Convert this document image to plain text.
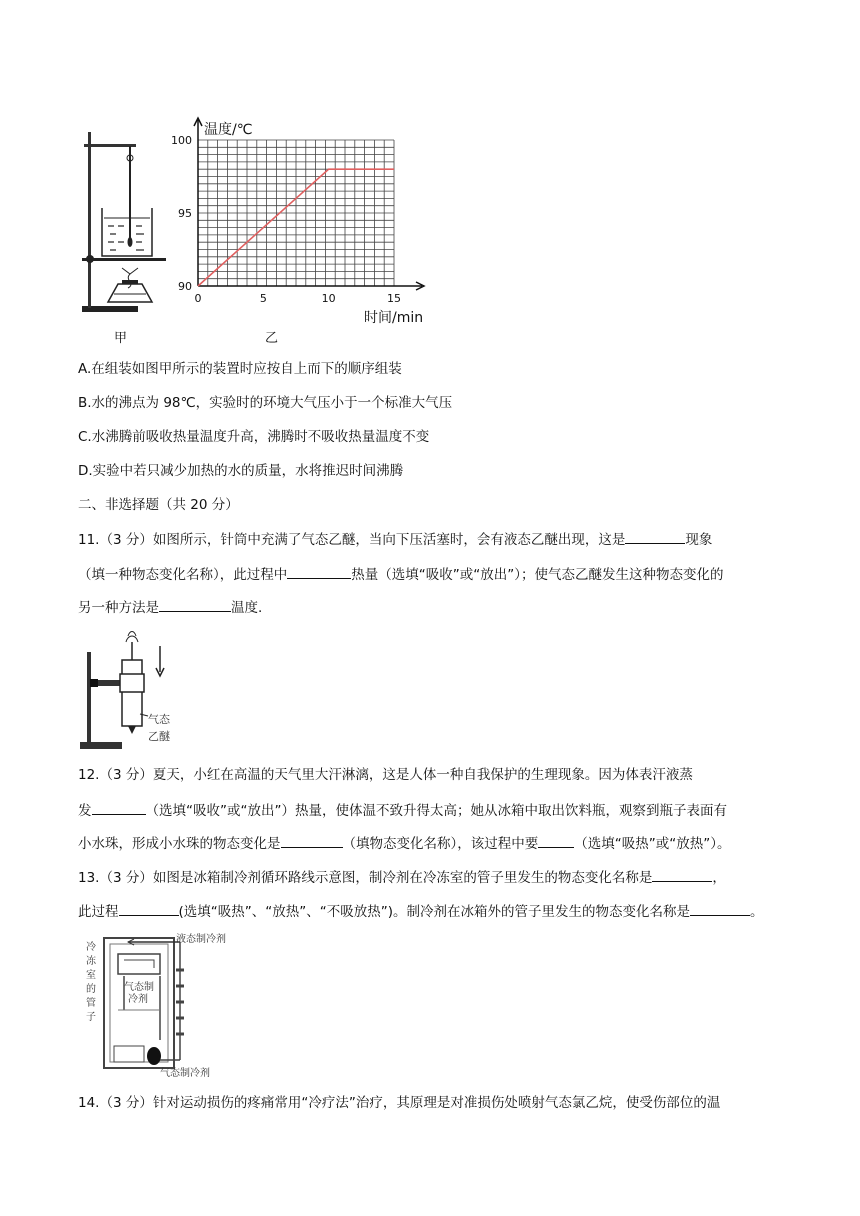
甲
0	5	10	15
90
95
100
温度/℃
时间/min
乙
A.在组装如图甲所示的装置时应按自上而下的顺序组装
B.水的沸点为 98℃，实验时的环境大气压小于一个标准大气压
C.水沸腾前吸收热量温度升高，沸腾时不吸收热量温度不变
D.实验中若只减少加热的水的质量，水将推迟时间沸腾
二、非选择题（共 20 分）
11.（3 分）如图所示，针筒中充满了气态乙醚，当向下压活塞时，会有液态乙醚出现，这是	现象
（填一种物态变化名称），此过程中	热量（选填“吸收”或“放出”）；使气态乙醚发生这种物态变化的
另一种方法是	温度.
气态
乙醚
12.（3 分）夏天，小红在高温的天气里大汗淋漓，这是人体一种自我保护的生理现象。因为体表汗液蒸
发	（选填“吸收”或“放出”）热量，使体温不致升得太高；她从冰箱中取出饮料瓶，观察到瓶子表面有
小水珠，形成小水珠的物态变化是	（填物态变化名称），该过程中要	（选填“吸热”或“放热”）。
13.（3 分）如图是冰箱制冷剂循环路线示意图，制冷剂在冷冻室的管子里发生的物态变化名称是	，
此过程	(选填“吸热”、“放热”、“不吸放热”)。制冷剂在冰箱外的管子里发生的物态变化名称是	。
冷
冻
室
的
管
子
气态制
冷剂
液态制冷剂
气态制冷剂
14.（3 分）针对运动损伤的疼痛常用“冷疗法”治疗，其原理是对准损伤处喷射气态氯乙烷，使受伤部位的温
